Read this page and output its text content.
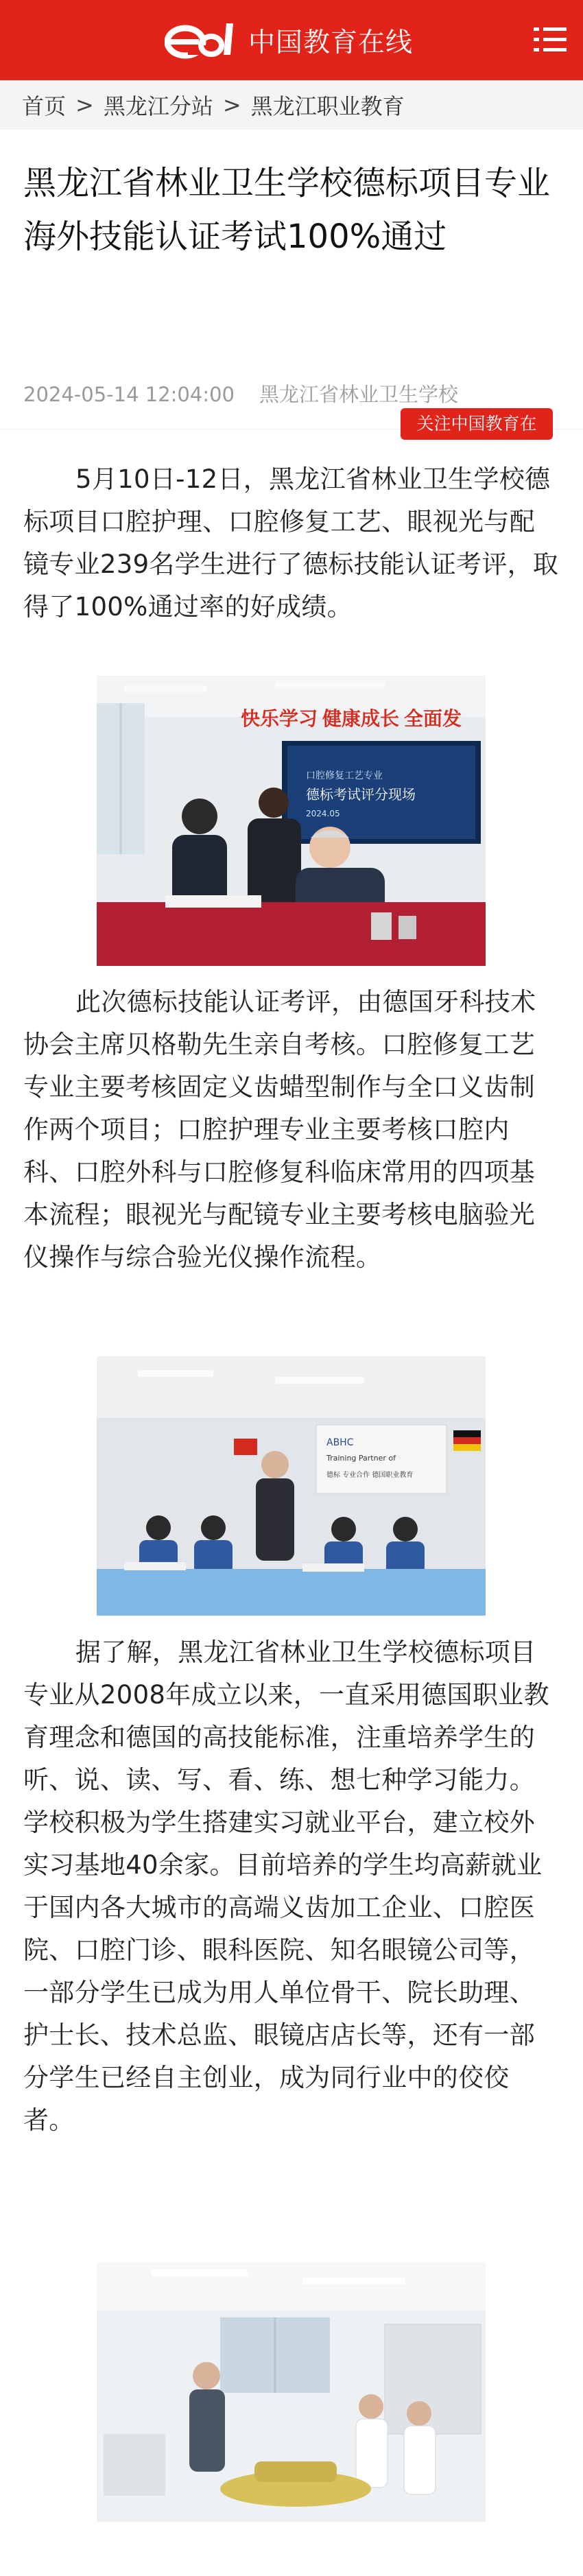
中国教育在线
首页 > 黑龙江分站 > 黑龙江职业教育
黑龙江省林业卫生学校德标项目专业海外技能认证考试100%通过
2024-05-14 12:04:00 黑龙江省林业卫生学校
关注中国教育在

5月10日-12日，黑龙江省林业卫生学校德标项目口腔护理、口腔修复工艺、眼视光与配镜专业239名学生进行了德标技能认证考评，取得了100%通过率的好成绩。

快乐学习 健康成长 全面发
口腔修复工艺专业
德标考试评分现场
2024.05

此次德标技能认证考评，由德国牙科技术协会主席贝格勒先生亲自考核。口腔修复工艺专业主要考核固定义齿蜡型制作与全口义齿制作两个项目；口腔护理专业主要考核口腔内科、口腔外科与口腔修复科临床常用的四项基本流程；眼视光与配镜专业主要考核电脑验光仪操作与综合验光仪操作流程。

ABHC
Training Partner of
德标 专业合作 德国职业教育

据了解，黑龙江省林业卫生学校德标项目专业从2008年成立以来，一直采用德国职业教育理念和德国的高技能标准，注重培养学生的听、说、读、写、看、练、想七种学习能力。学校积极为学生搭建实习就业平台，建立校外实习基地40余家。目前培养的学生均高薪就业于国内各大城市的高端义齿加工企业、口腔医院、口腔门诊、眼科医院、知名眼镜公司等，一部分学生已成为用人单位骨干、院长助理、护士长、技术总监、眼镜店店长等，还有一部分学生已经自主创业，成为同行业中的佼佼者。
